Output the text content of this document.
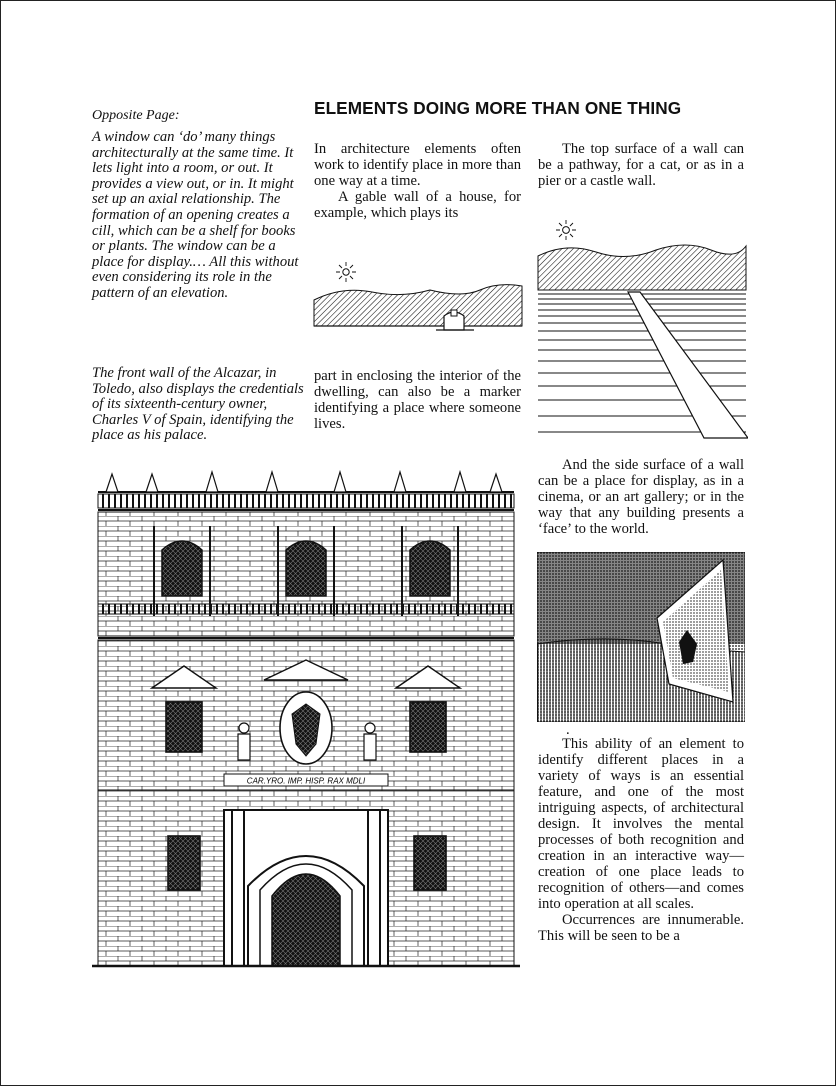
Opposite Page:

A window can ‘do’ many things architecturally at the same time. It lets light into a room, or out. It provides a view out, or in. It might set up an axial relationship. The formation of an opening creates a cill, which can be a shelf for books or plants. The window can be a place for display.… All this without even considering its role in the pattern of an elevation.

The front wall of the Alcazar, in Toledo, also displays the credentials of its sixteenth-century owner, Charles V of Spain, identifying the place as his palace.

ELEMENTS DOING MORE THAN ONE THING

In architecture elements often work to identify place in more than one way at a time.

A gable wall of a house, for example, which plays its

part in enclosing the interior of the dwelling, can also be a marker identifying a place where someone lives.

The top surface of a wall can be a pathway, for a cat, or as in a pier or a castle wall.

And the side surface of a wall can be a place for display, as in a cinema, or an art gallery; or in the way that any building presents a ‘face’ to the world.

.

This ability of an element to identify different places in a variety of ways is an essential feature, and one of the most intriguing aspects, of architectural design. It involves the mental processes of both recognition and creation in an interactive way—creation of one place leads to recognition of others—and comes into operation at all scales.

Occurrences are innumerable. This will be seen to be a

CAR.YRO. IMP. HISP. RAX MDLI
